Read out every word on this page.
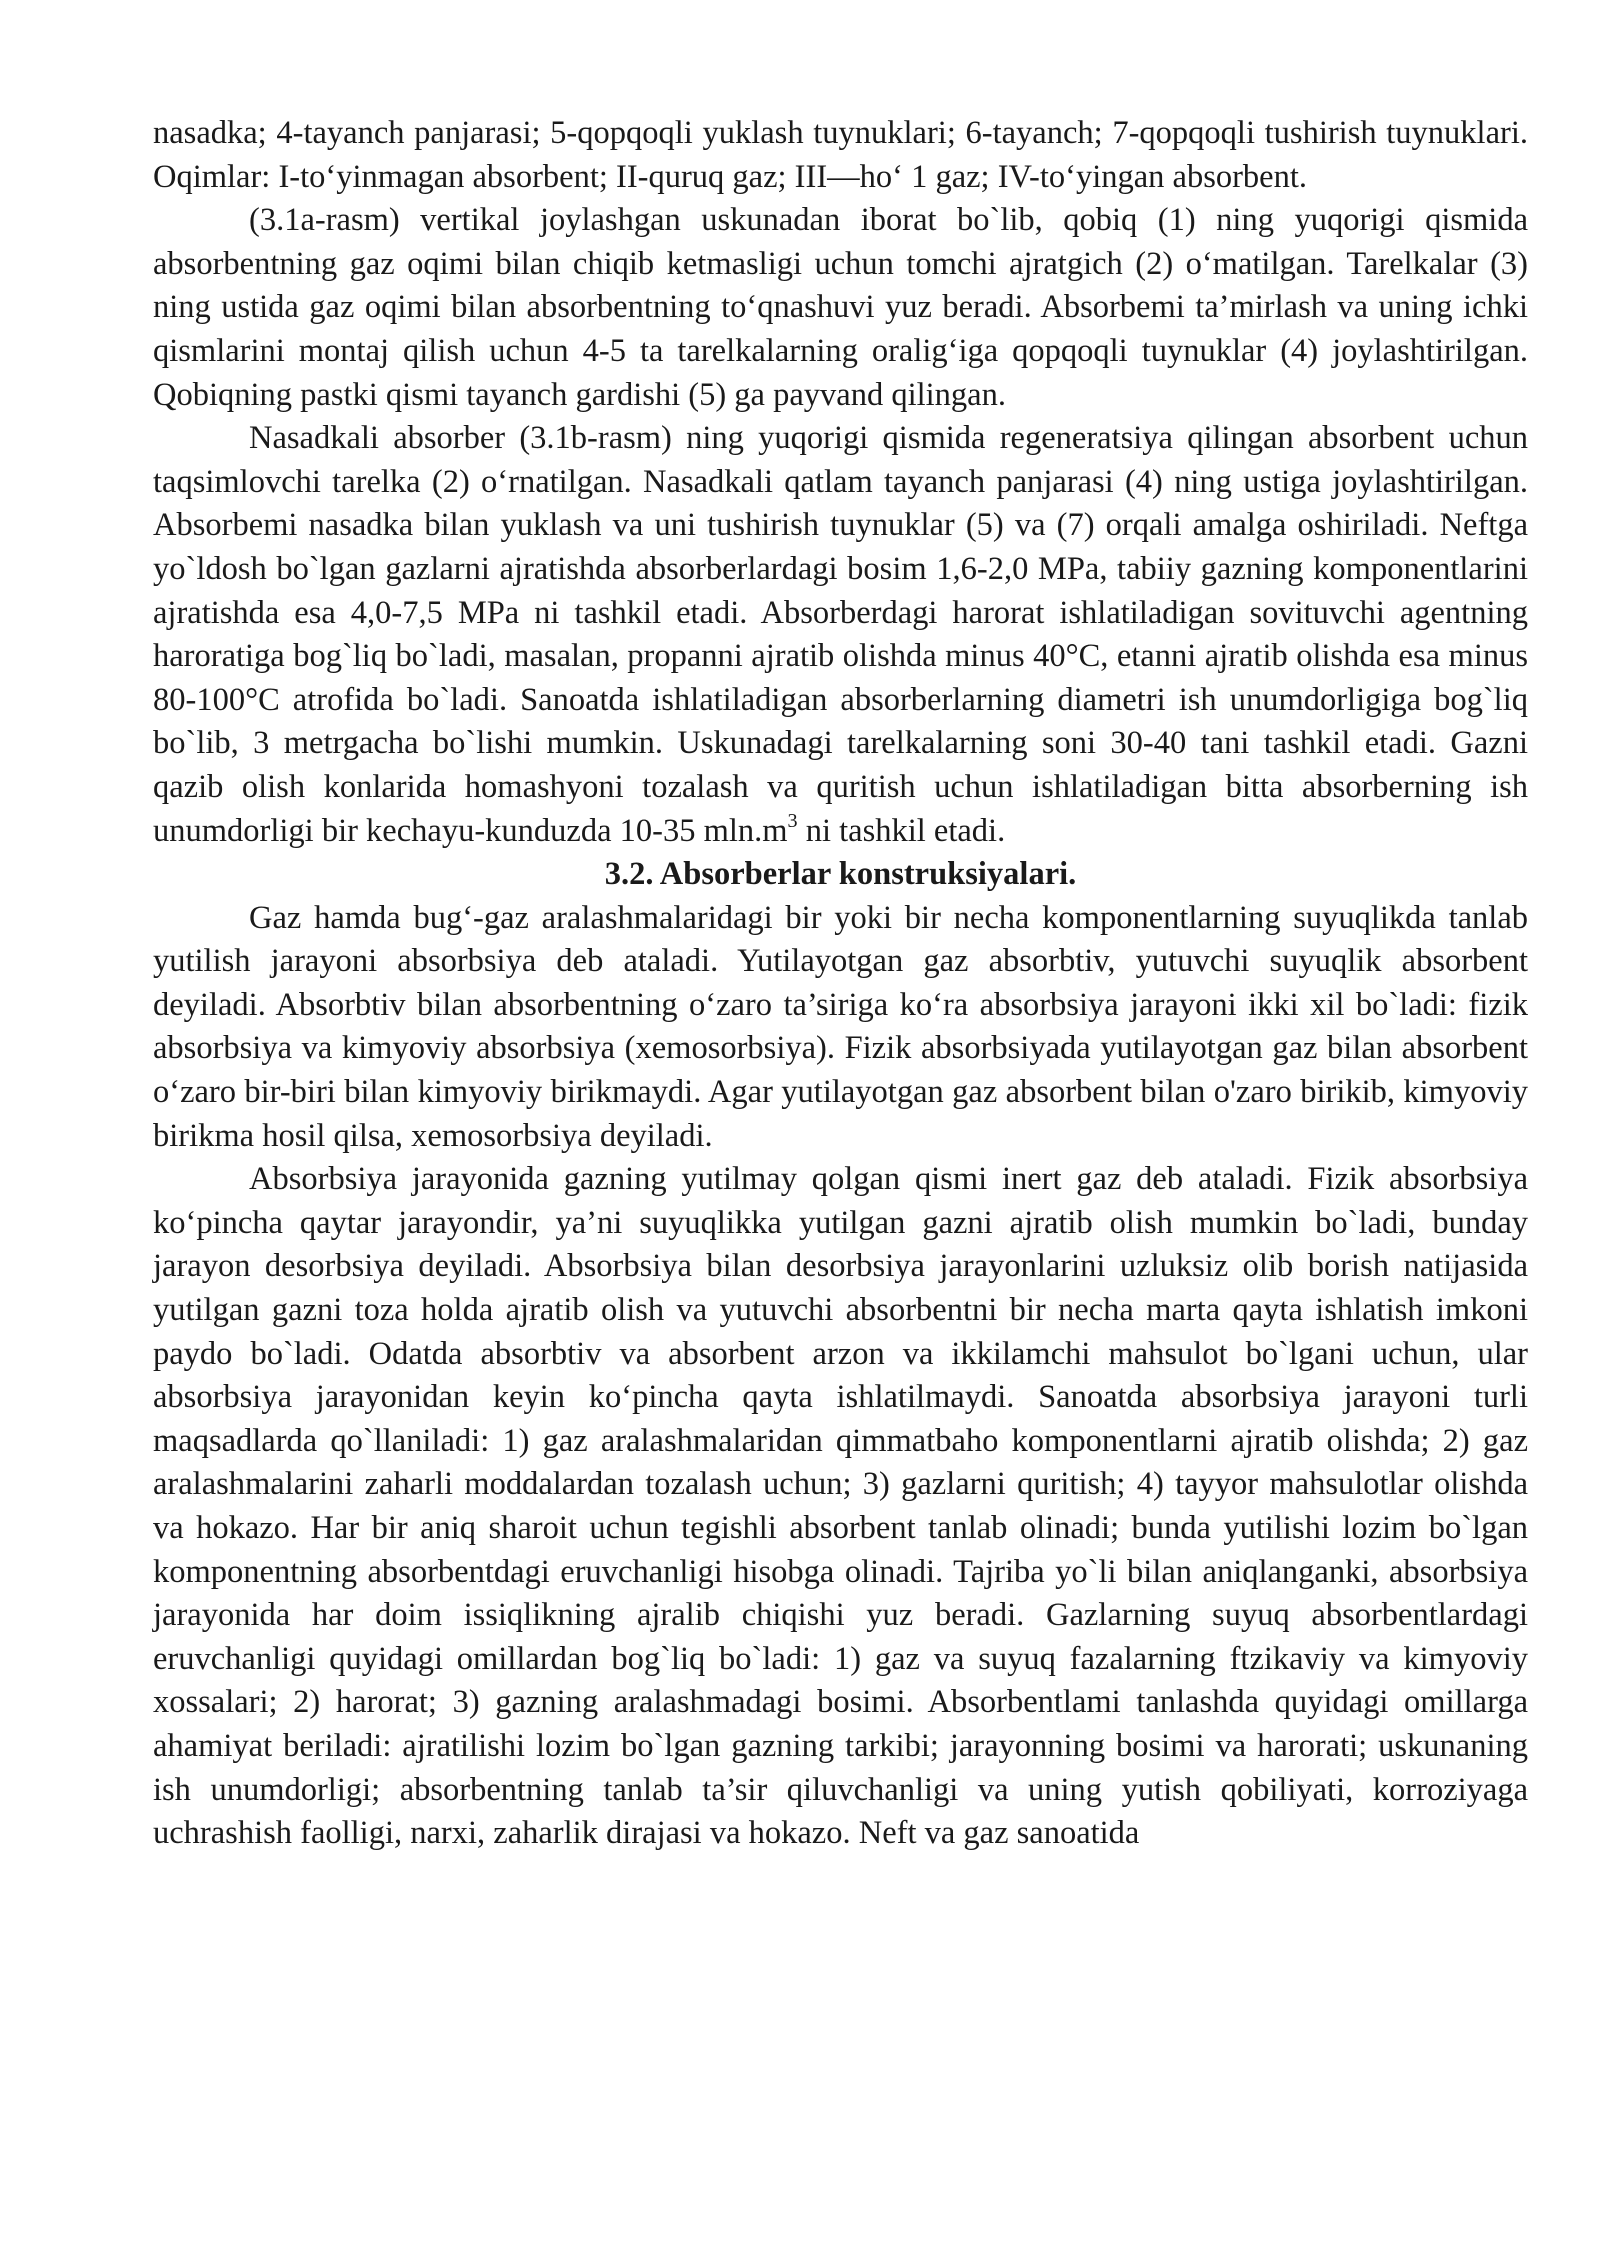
nasadka; 4-tayanch panjarasi; 5-qopqoqli yuklash tuynuklari; 6-tayanch; 7-qopqoqli tushirish tuynuklari. Oqimlar: I-to‘yinmagan absorbent; II-quruq gaz; III—ho‘ 1 gaz; IV-to‘yingan absorbent.

(3.1a-rasm) vertikal joylashgan uskunadan iborat bo`lib, qobiq (1) ning yuqorigi qismida absorbentning gaz oqimi bilan chiqib ketmasligi uchun tomchi ajratgich (2) o‘matilgan. Tarelkalar (3) ning ustida gaz oqimi bilan absorbentning to‘qnashuvi yuz beradi. Absorbemi ta’mirlash va uning ichki qismlarini montaj qilish uchun 4-5 ta tarelkalarning oralig‘iga qopqoqli tuynuklar (4) joylashtirilgan. Qobiqning pastki qismi tayanch gardishi (5) ga payvand qilingan.

Nasadkali absorber (3.1b-rasm) ning yuqorigi qismida regeneratsiya qilingan absorbent uchun taqsimlovchi tarelka (2) o‘rnatilgan. Nasadkali qatlam tayanch panjarasi (4) ning ustiga joylashtirilgan. Absorbemi nasadka bilan yuklash va uni tushirish tuynuklar (5) va (7) orqali amalga oshiriladi. Neftga yo`ldosh bo`lgan gazlarni ajratishda absorberlardagi bosim 1,6-2,0 MPa, tabiiy gazning komponentlarini ajratishda esa 4,0-7,5 MPa ni tashkil etadi. Absorberdagi harorat ishlatiladigan sovituvchi agentning haroratiga bog`liq bo`ladi, masalan, propanni ajratib olishda minus 40°C, etanni ajratib olishda esa minus 80-100°C atrofida bo`ladi. Sanoatda ishlatiladigan absorberlarning diametri ish unumdorligiga bog`liq bo`lib, 3 metrgacha bo`lishi mumkin. Uskunadagi tarelkalarning soni 30-40 tani tashkil etadi. Gazni qazib olish konlarida homashyoni tozalash va quritish uchun ishlatiladigan bitta absorberning ish unumdorligi bir kechayu-kunduzda 10-35 $mln.m^3$ ni tashkil etadi.

3.2. Absorberlar konstruksiyalari.

Gaz hamda bug‘-gaz aralashmalaridagi bir yoki bir necha komponentlarning suyuqlikda tanlab yutilish jarayoni absorbsiya deb ataladi. Yutilayotgan gaz absorbtiv, yutuvchi suyuqlik absorbent deyiladi. Absorbtiv bilan absorbentning o‘zaro ta’siriga ko‘ra absorbsiya jarayoni ikki xil bo`ladi: fizik absorbsiya va kimyoviy absorbsiya (xemosorbsiya). Fizik absorbsiyada yutilayotgan gaz bilan absorbent o‘zaro bir-biri bilan kimyoviy birikmaydi. Agar yutilayotgan gaz absorbent bilan o'zaro birikib, kimyoviy birikma hosil qilsa, xemosorbsiya deyiladi.

Absorbsiya jarayonida gazning yutilmay qolgan qismi inert gaz deb ataladi. Fizik absorbsiya ko‘pincha qaytar jarayondir, ya’ni suyuqlikka yutilgan gazni ajratib olish mumkin bo`ladi, bunday jarayon desorbsiya deyiladi. Absorbsiya bilan desorbsiya jarayonlarini uzluksiz olib borish natijasida yutilgan gazni toza holda ajratib olish va yutuvchi absorbentni bir necha marta qayta ishlatish imkoni paydo bo`ladi. Odatda absorbtiv va absorbent arzon va ikkilamchi mahsulot bo`lgani uchun, ular absorbsiya jarayonidan keyin ko‘pincha qayta ishlatilmaydi. Sanoatda absorbsiya jarayoni turli maqsadlarda qo`llaniladi: 1) gaz aralashmalaridan qimmatbaho komponentlarni ajratib olishda; 2) gaz aralashmalarini zaharli moddalardan tozalash uchun; 3) gazlarni quritish; 4) tayyor mahsulotlar olishda va hokazo. Har bir aniq sharoit uchun tegishli absorbent tanlab olinadi; bunda yutilishi lozim bo`lgan komponentning absorbentdagi eruvchanligi hisobga olinadi. Tajriba yo`li bilan aniqlanganki, absorbsiya jarayonida har doim issiqlikning ajralib chiqishi yuz beradi. Gazlarning suyuq absorbentlardagi eruvchanligi quyidagi omillardan bog`liq bo`ladi: 1) gaz va suyuq fazalarning ftzikaviy va kimyoviy xossalari; 2) harorat; 3) gazning aralashmadagi bosimi. Absorbentlami tanlashda quyidagi omillarga ahamiyat beriladi: ajratilishi lozim bo`lgan gazning tarkibi; jarayonning bosimi va harorati; uskunaning ish unumdorligi; absorbentning tanlab ta’sir qiluvchanligi va uning yutish qobiliyati, korroziyaga uchrashish faolligi, narxi, zaharlik dirajasi va hokazo. Neft va gaz sanoatida
